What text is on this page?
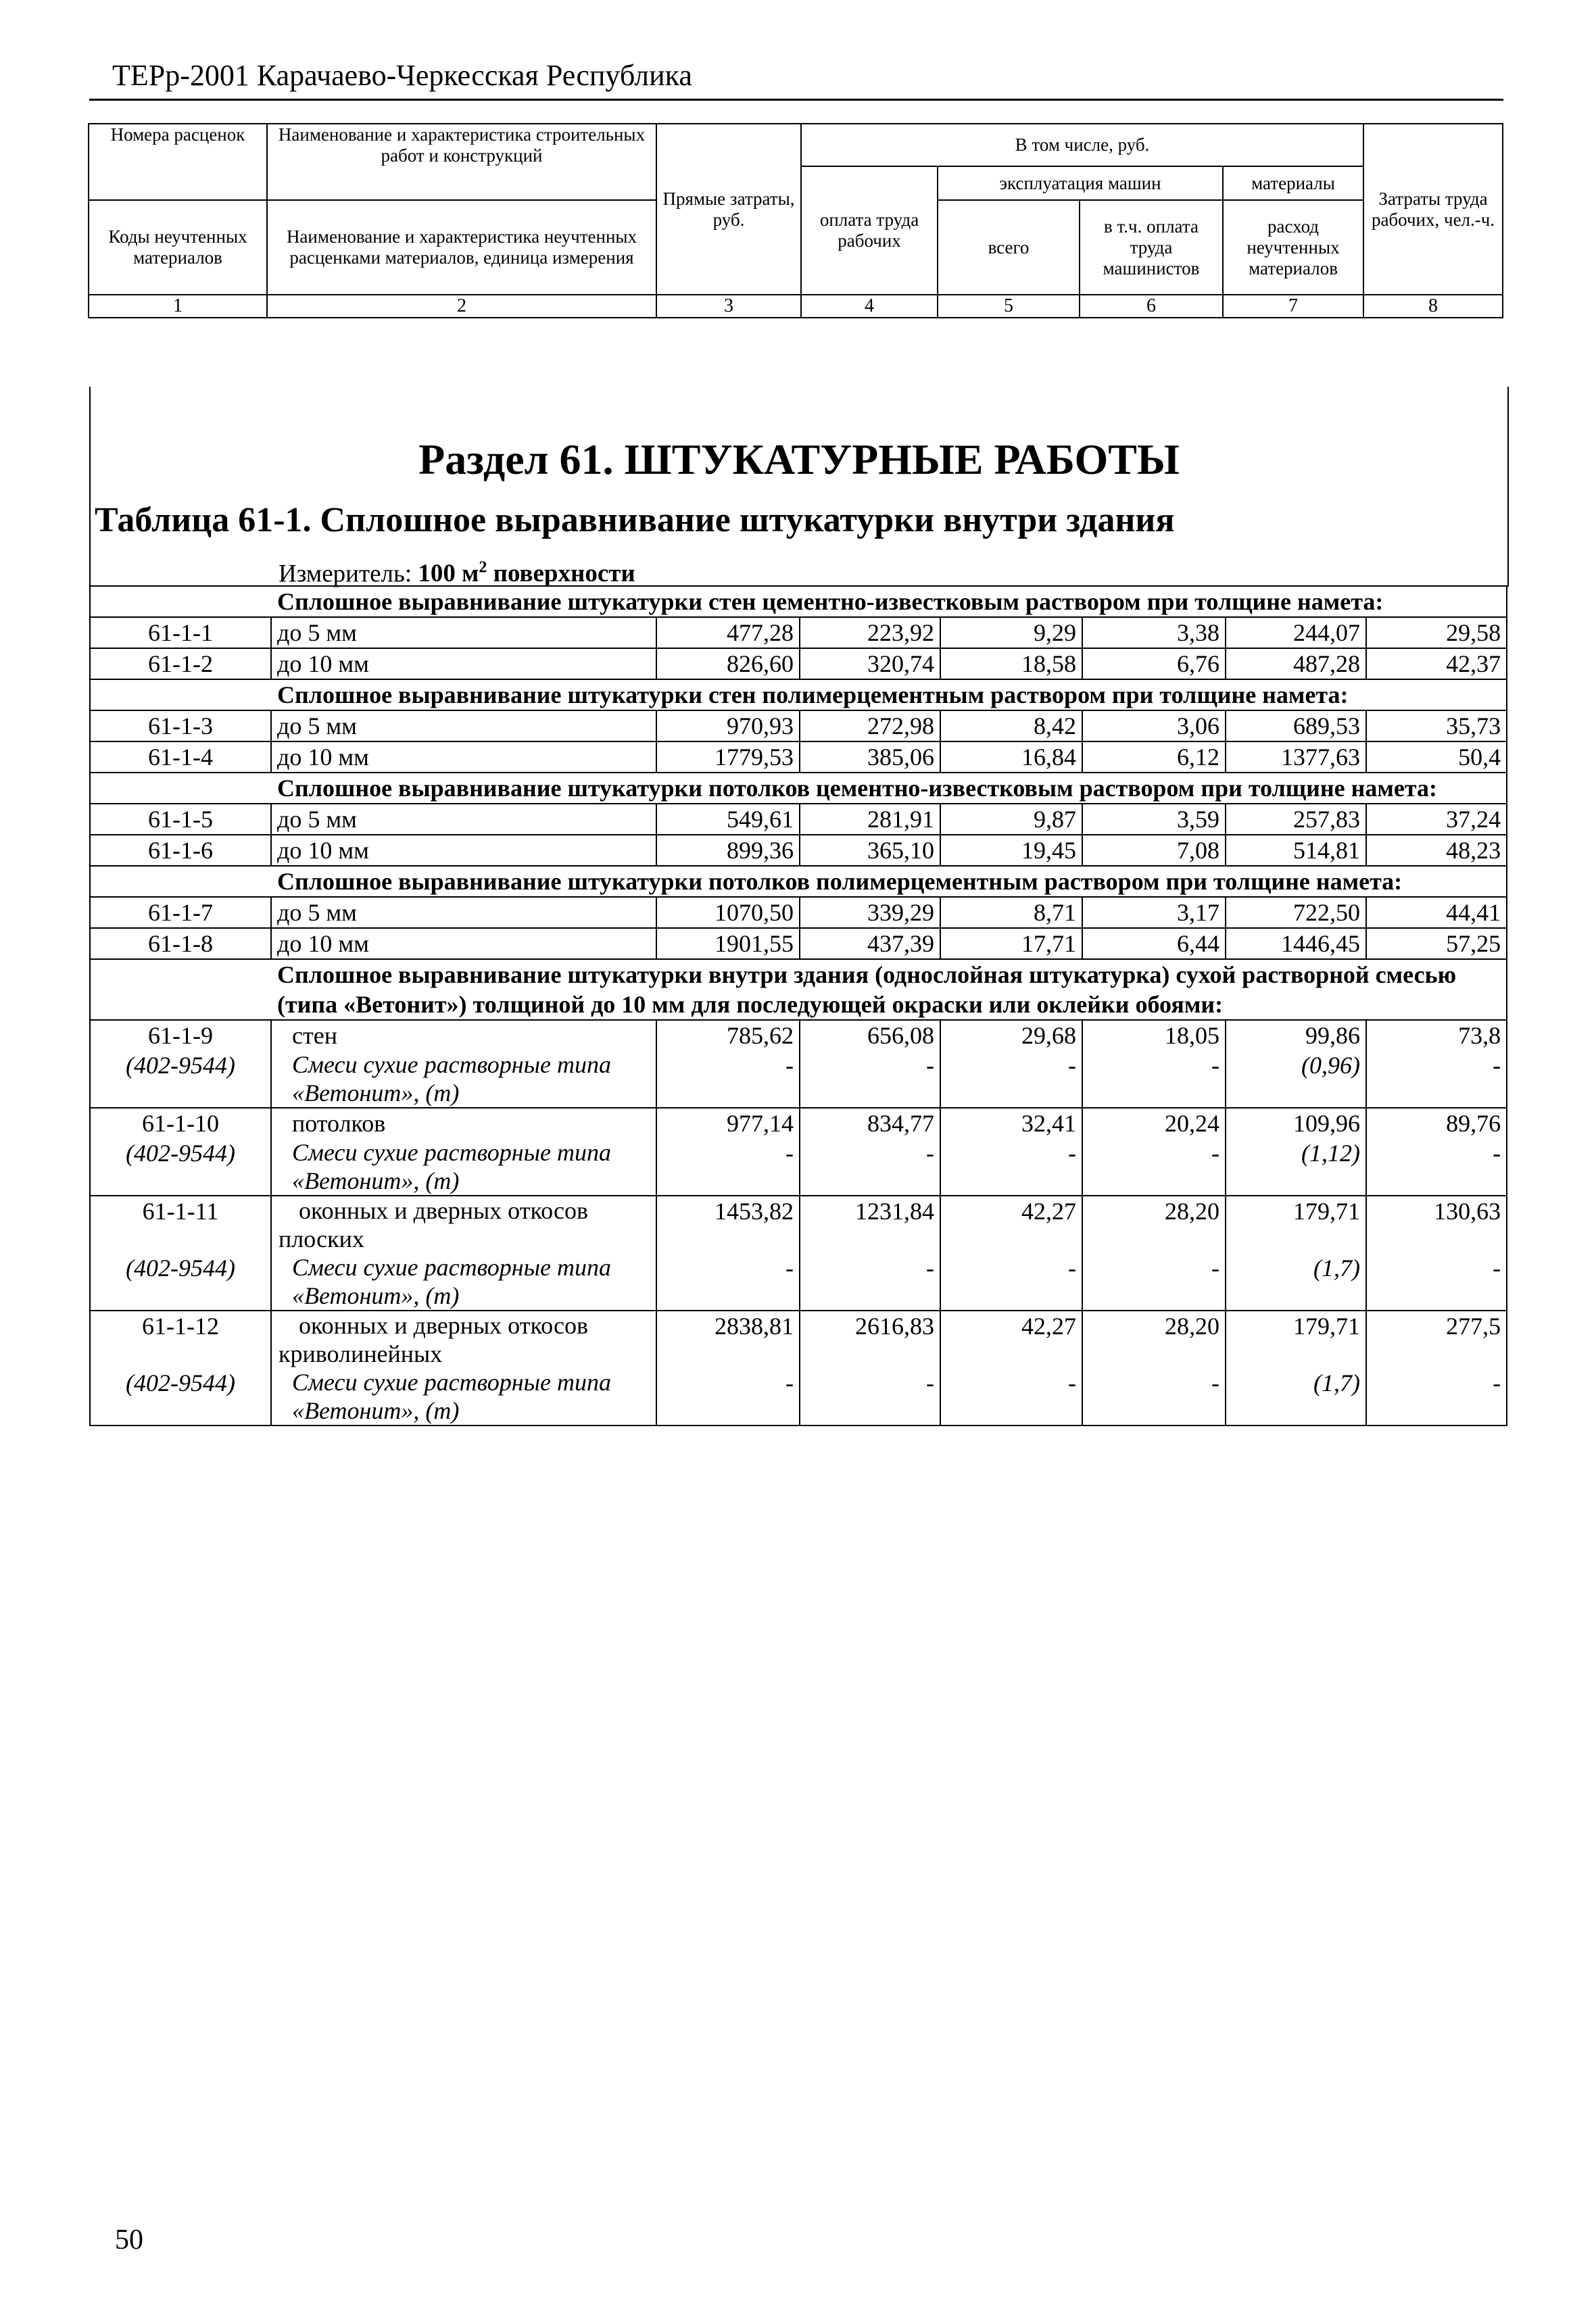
ТЕРр-2001 Карачаево-Черкесская Республика
Номера расценок	Наименование и характеристика строительных работ и конструкций	Прямые затраты, руб.	В том числе, руб.				Затраты труда рабочих, чел.-ч.
			оплата труда рабочих	эксплуатация машин		материалы	
Коды неучтенных материалов	Наименование и характеристика неучтенных расценками материалов, единица измерения			всего	в т.ч. оплата труда машинистов	расход неучтенных материалов	
1	2	3	4	5	6	7	8
Раздел 61. ШТУКАТУРНЫЕ РАБОТЫ
Таблица 61-1. Сплошное выравнивание штукатурки внутри здания
Измеритель: 100 $м^2$ поверхности
Сплошное выравнивание штукатурки стен цементно-известковым раствором при толщине намета:							
61-1-1	до 5 мм	477,28	223,92	9,29	3,38	244,07	29,58
61-1-2	до 10 мм	826,60	320,74	18,58	6,76	487,28	42,37
Сплошное выравнивание штукатурки стен полимерцементным раствором при толщине намета:							
61-1-3	до 5 мм	970,93	272,98	8,42	3,06	689,53	35,73
61-1-4	до 10 мм	1779,53	385,06	16,84	6,12	1377,63	50,4
Сплошное выравнивание штукатурки потолков цементно-известковым раствором при толщине намета:							
61-1-5	до 5 мм	549,61	281,91	9,87	3,59	257,83	37,24
61-1-6	до 10 мм	899,36	365,10	19,45	7,08	514,81	48,23
Сплошное выравнивание штукатурки потолков полимерцементным раствором при толщине намета:							
61-1-7	до 5 мм	1070,50	339,29	8,71	3,17	722,50	44,41
61-1-8	до 10 мм	1901,55	437,39	17,71	6,44	1446,45	57,25
Сплошное выравнивание штукатурки внутри здания (однослойная штукатурка) сухой растворной смесью (типа «Ветонит») толщиной до 10 мм для последующей окраски или оклейки обоями:							
61-1-9	стен	785,62	656,08	29,68	18,05	99,86	73,8
(402-9544)	Смеси сухие растворные типа «Ветонит», (т)	-	-	-	-	(0,96)	-
61-1-10	потолков	977,14	834,77	32,41	20,24	109,96	89,76
(402-9544)	Смеси сухие растворные типа «Ветонит», (т)	-	-	-	-	(1,12)	-
61-1-11	оконных и дверных откосов плоских	1453,82	1231,84	42,27	28,20	179,71	130,63
(402-9544)	Смеси сухие растворные типа «Ветонит», (т)	-	-	-	-	(1,7)	-
61-1-12	оконных и дверных откосов криволинейных	2838,81	2616,83	42,27	28,20	179,71	277,5
(402-9544)	Смеси сухие растворные типа «Ветонит», (т)	-	-	-	-	(1,7)	-
50
